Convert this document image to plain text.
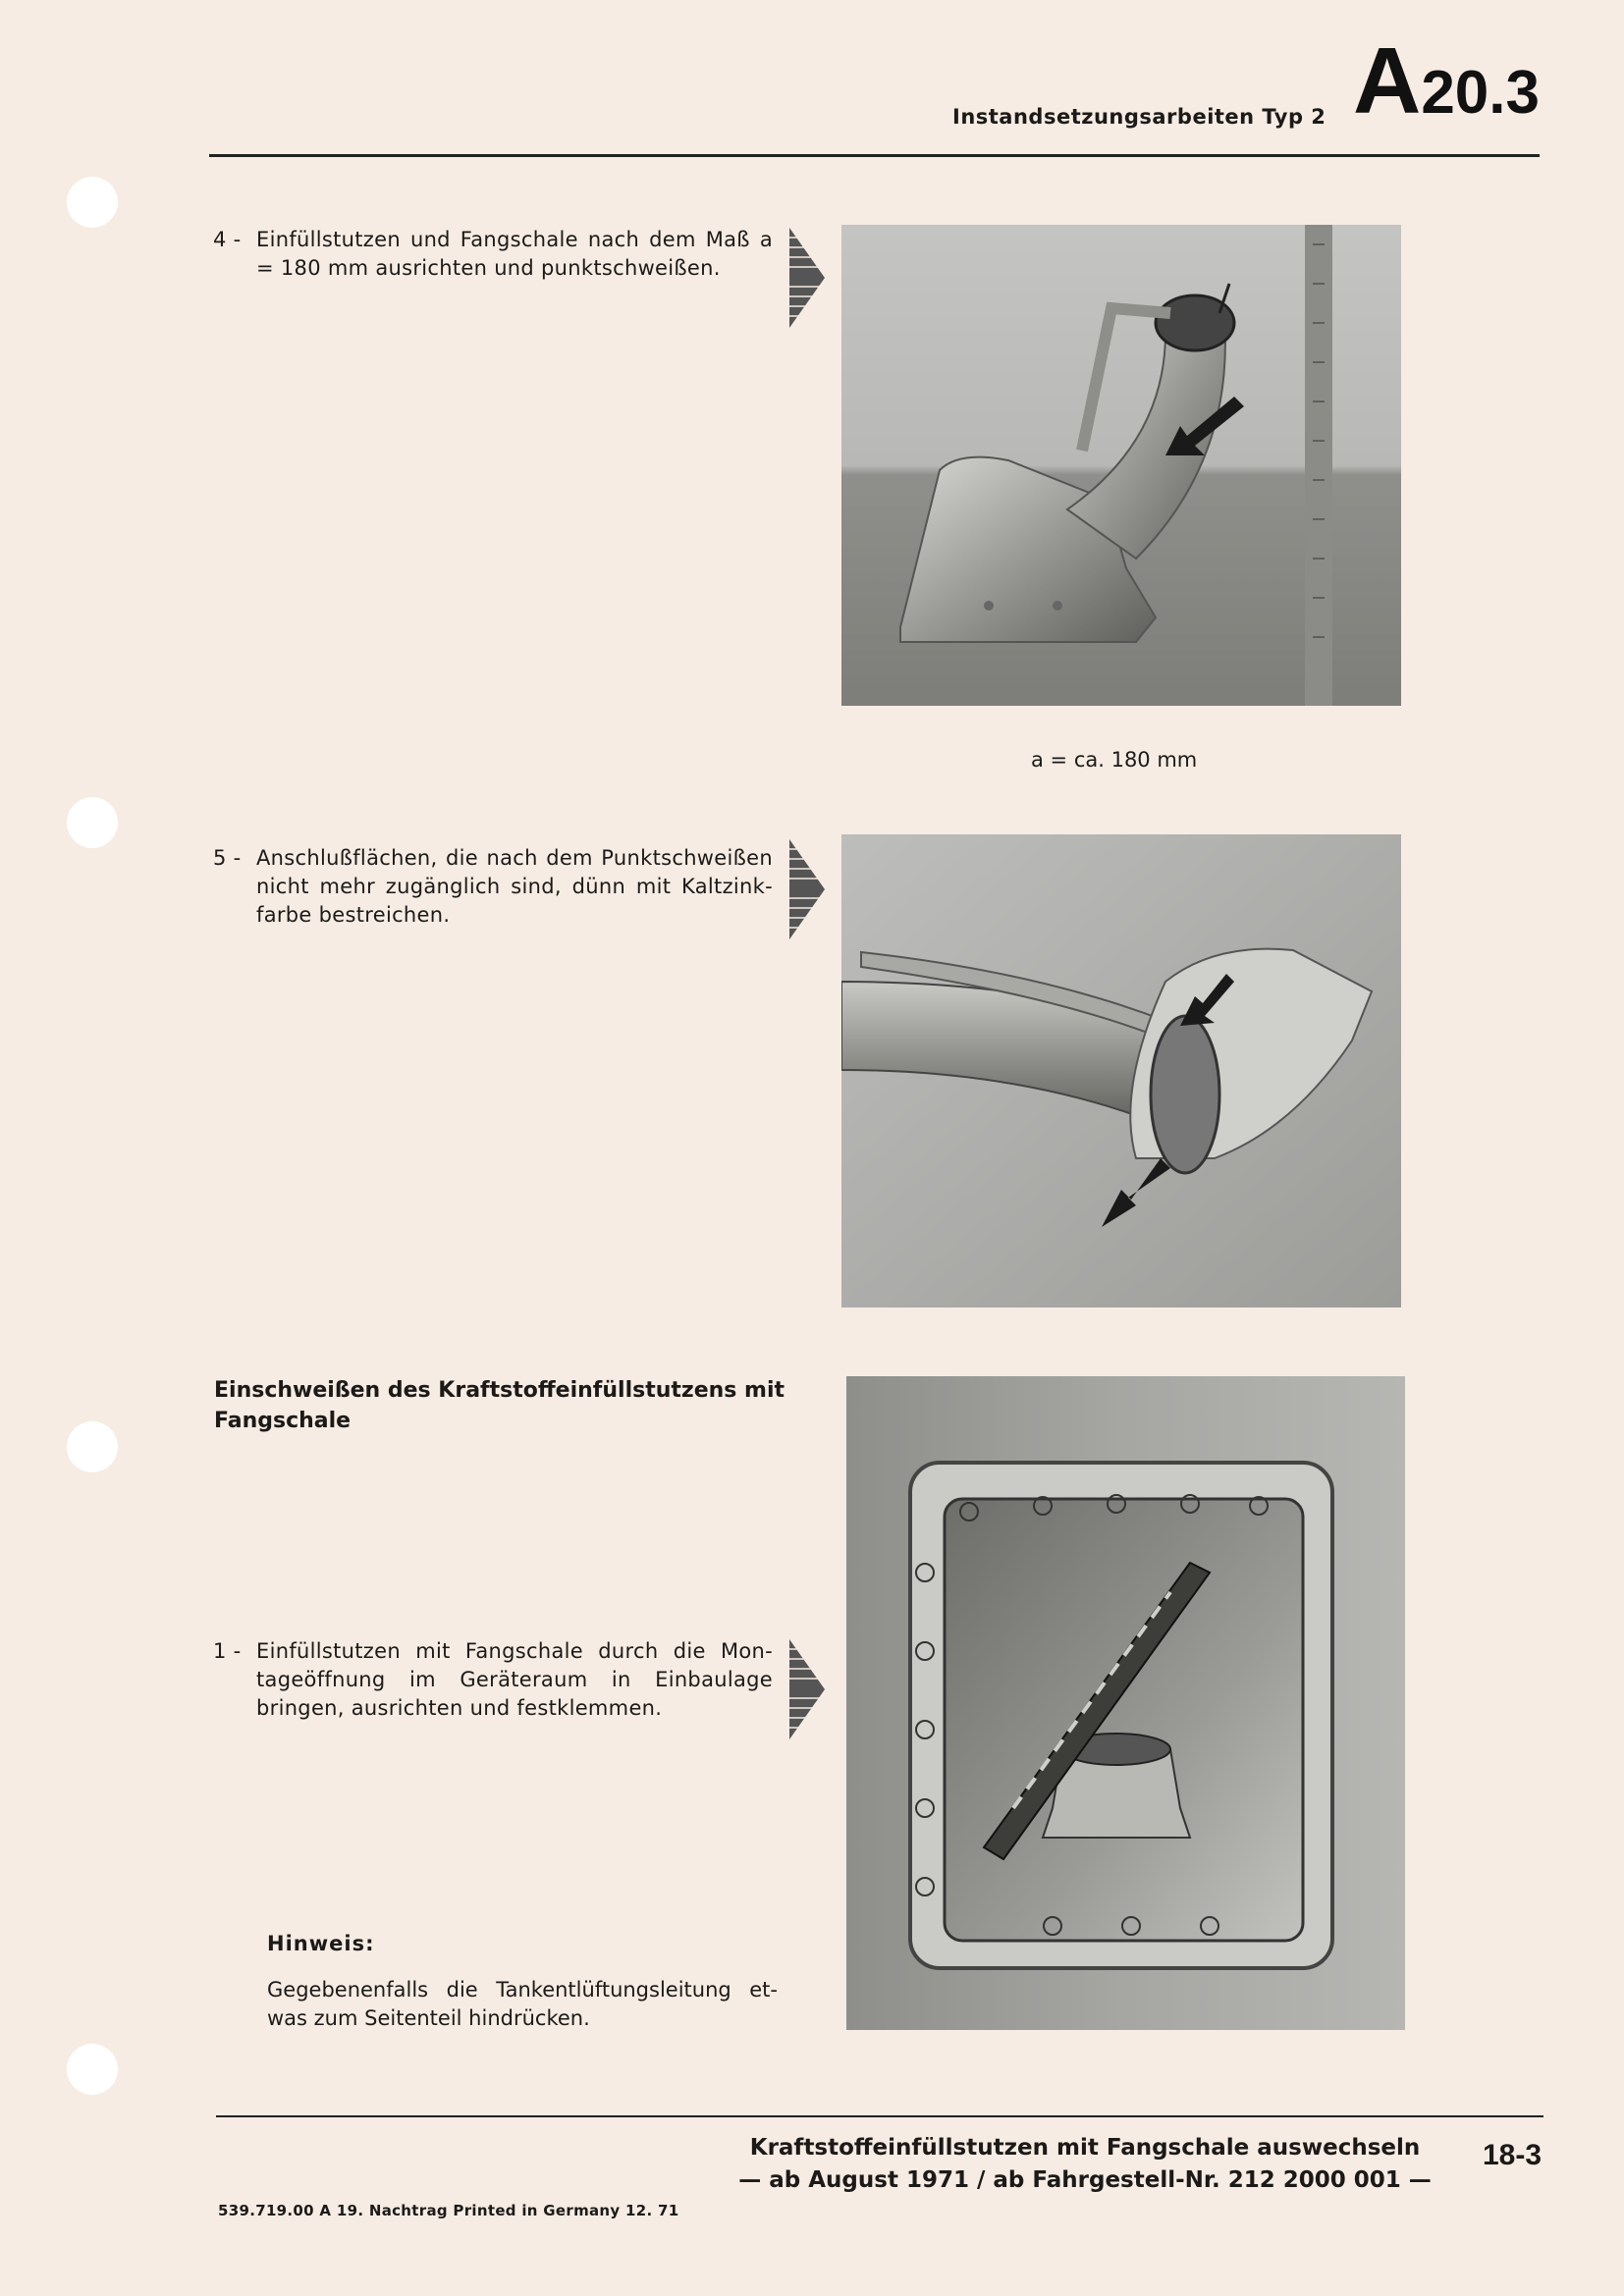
Instandsetzungsarbeiten Typ 2 A20.3
4 - Einfüllstutzen und Fangschale nach dem Maß a = 180 mm ausrichten und punktschweißen.
a = ca. 180 mm
5 - Anschlußflächen, die nach dem Punktschweißen nicht mehr zugänglich sind, dünn mit Kaltzink-farbe bestreichen.
Einschweißen des Kraftstoffeinfüllstutzens mit Fangschale
1 - Einfüllstutzen mit Fangschale durch die Mon-tageöffnung im Geräteraum in Einbaulage bringen, ausrichten und festklemmen.
Hinweis:
Gegebenenfalls die Tankentlüftungsleitung et-was zum Seitenteil hindrücken.
Kraftstoffeinfüllstutzen mit Fangschale auswechseln
— ab August 1971 / ab Fahrgestell-Nr. 212 2000 001 —
18-3
539.719.00 A 19. Nachtrag Printed in Germany 12. 71
